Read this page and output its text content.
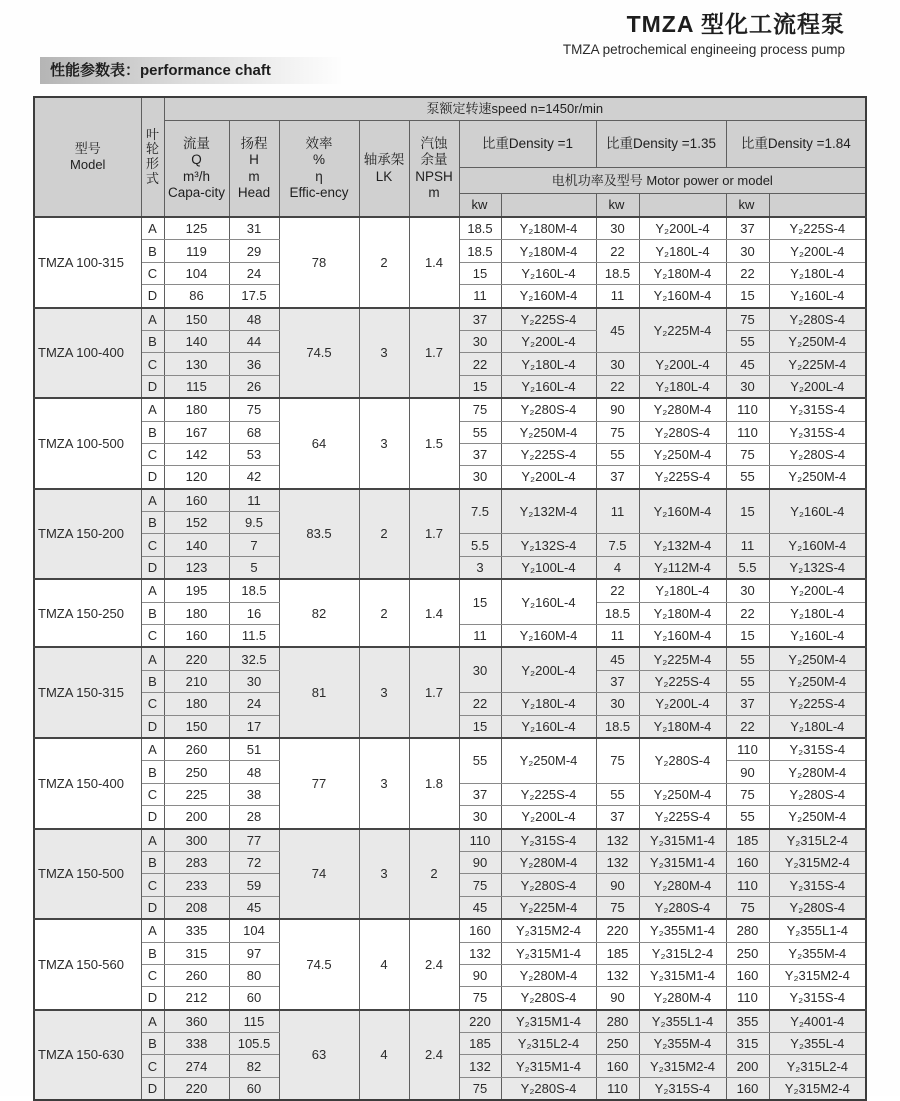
TMZA 型化工流程泵
TMZA petrochemical engineeing process pump
性能参数表：performance chaft
型号
Model	叶
轮
形
式	泵额定转速speed n=1450r/min										
		流量
Q
m³/h
Capa-city	扬程
H
m
Head	效率
%
η
Effic-ency	轴承架
LK	汽蚀
余量
NPSH
m	比重Density =1		比重Density =1.35		比重Density =1.84	
							电机功率及型号 Motor power or model					
							kw		kw		kw	
TMZA 100-315	A	125	31	78	2	1.4	18.5	Y₂180M-4	30	Y₂200L-4	37	Y₂225S-4
	B	119	29				18.5	Y₂180M-4	22	Y₂180L-4	30	Y₂200L-4
	C	104	24				15	Y₂160L-4	18.5	Y₂180M-4	22	Y₂180L-4
	D	86	17.5				11	Y₂160M-4	11	Y₂160M-4	15	Y₂160L-4
TMZA 100-400	A	150	48	74.5	3	1.7	37	Y₂225S-4	45	Y₂225M-4	75	Y₂280S-4
	B	140	44				30	Y₂200L-4			55	Y₂250M-4
	C	130	36				22	Y₂180L-4	30	Y₂200L-4	45	Y₂225M-4
	D	115	26				15	Y₂160L-4	22	Y₂180L-4	30	Y₂200L-4
TMZA 100-500	A	180	75	64	3	1.5	75	Y₂280S-4	90	Y₂280M-4	110	Y₂315S-4
	B	167	68				55	Y₂250M-4	75	Y₂280S-4	110	Y₂315S-4
	C	142	53				37	Y₂225S-4	55	Y₂250M-4	75	Y₂280S-4
	D	120	42				30	Y₂200L-4	37	Y₂225S-4	55	Y₂250M-4
TMZA 150-200	A	160	11	83.5	2	1.7	7.5	Y₂132M-4	11	Y₂160M-4	15	Y₂160L-4
	B	152	9.5									
	C	140	7				5.5	Y₂132S-4	7.5	Y₂132M-4	11	Y₂160M-4
	D	123	5				3	Y₂100L-4	4	Y₂112M-4	5.5	Y₂132S-4
TMZA 150-250	A	195	18.5	82	2	1.4	15	Y₂160L-4	22	Y₂180L-4	30	Y₂200L-4
	B	180	16						18.5	Y₂180M-4	22	Y₂180L-4
	C	160	11.5				11	Y₂160M-4	11	Y₂160M-4	15	Y₂160L-4
TMZA 150-315	A	220	32.5	81	3	1.7	30	Y₂200L-4	45	Y₂225M-4	55	Y₂250M-4
	B	210	30						37	Y₂225S-4	55	Y₂250M-4
	C	180	24				22	Y₂180L-4	30	Y₂200L-4	37	Y₂225S-4
	D	150	17				15	Y₂160L-4	18.5	Y₂180M-4	22	Y₂180L-4
TMZA 150-400	A	260	51	77	3	1.8	55	Y₂250M-4	75	Y₂280S-4	110	Y₂315S-4
	B	250	48								90	Y₂280M-4
	C	225	38				37	Y₂225S-4	55	Y₂250M-4	75	Y₂280S-4
	D	200	28				30	Y₂200L-4	37	Y₂225S-4	55	Y₂250M-4
TMZA 150-500	A	300	77	74	3	2	110	Y₂315S-4	132	Y₂315M1-4	185	Y₂315L2-4
	B	283	72				90	Y₂280M-4	132	Y₂315M1-4	160	Y₂315M2-4
	C	233	59				75	Y₂280S-4	90	Y₂280M-4	110	Y₂315S-4
	D	208	45				45	Y₂225M-4	75	Y₂280S-4	75	Y₂280S-4
TMZA 150-560	A	335	104	74.5	4	2.4	160	Y₂315M2-4	220	Y₂355M1-4	280	Y₂355L1-4
	B	315	97				132	Y₂315M1-4	185	Y₂315L2-4	250	Y₂355M-4
	C	260	80				90	Y₂280M-4	132	Y₂315M1-4	160	Y₂315M2-4
	D	212	60				75	Y₂280S-4	90	Y₂280M-4	110	Y₂315S-4
TMZA 150-630	A	360	115	63	4	2.4	220	Y₂315M1-4	280	Y₂355L1-4	355	Y₂4001-4
	B	338	105.5				185	Y₂315L2-4	250	Y₂355M-4	315	Y₂355L-4
	C	274	82				132	Y₂315M1-4	160	Y₂315M2-4	200	Y₂315L2-4
	D	220	60				75	Y₂280S-4	110	Y₂315S-4	160	Y₂315M2-4
